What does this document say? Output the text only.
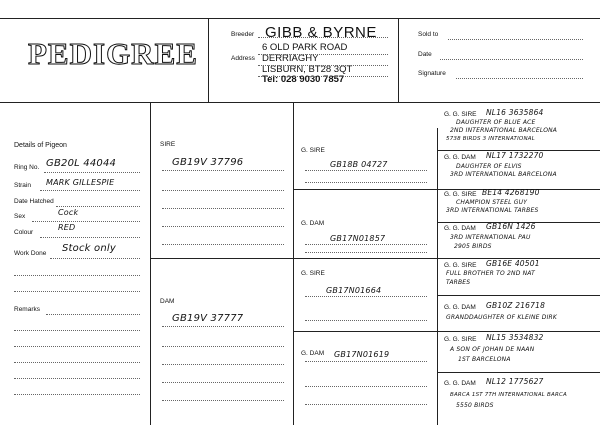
PEDIGREE
Breeder GIBB & BYRNE
Address
6 OLD PARK ROAD
DERRIAGHY
LISBURN, BT28 3QT
Tel: 028 9030 7857
Sold to
Date
Signature
Details of Pigeon
Ring No. GB20L 44044
Strain MARK GILLESPIE
Date Hatched
Sex	Cock
Colour
RED
Work Done Stock only
Remarks
SIRE
GB19V 37796
DAM
GB19V 37777
G. SIRE
GB18B 04727
G. DAM
GB17N01857
G. SIRE
GB17N01664
G. DAM GB17N01619
G. G. SIRE NL16 3635864
DAUGHTER OF BLUE ACE
2ND INTERNATIONAL BARCELONA
5738 BIRDS 3 INTERNATIONAL
G. G. DAM NL17 1732270
DAUGHTER OF ELVIS
3RD INTERNATIONAL BARCELONA
G. G. SIRE BE14 4268190
CHAMPION STEEL GUY
3RD INTERNATIONAL TARBES
G. G. DAM GB16N 1426
3RD INTERNATIONAL PAU
2905 BIRDS
G. G. SIRE GB16E 40501
FULL BROTHER TO 2ND NAT
TARBES
G. G. DAM GB10Z 216718
GRANDDAUGHTER OF KLEINE DIRK
G. G. SIRE NL15 3534832
A SON OF JOHAN DE NAAN
1ST BARCELONA
G. G. DAM NL12 1775627
BARCA 1ST 7TH INTERNATIONAL BARCA
5550 BIRDS
